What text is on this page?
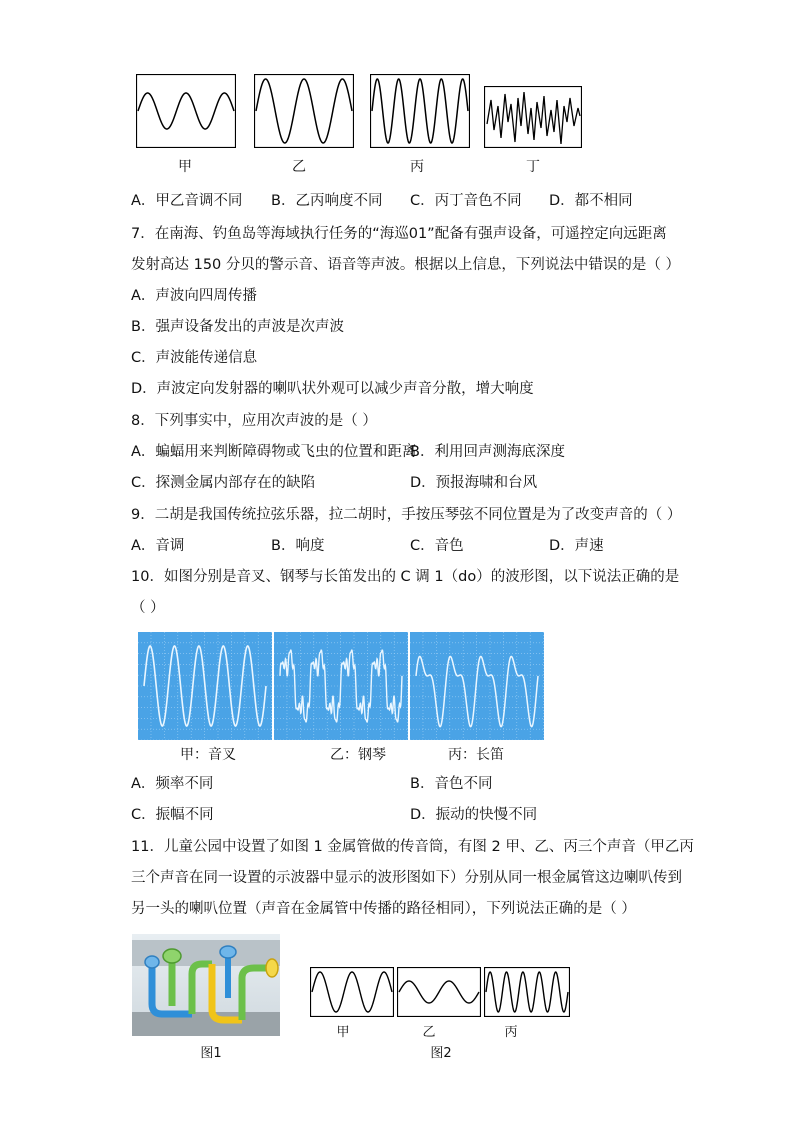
甲	乙	丙	丁
A．甲乙音调不同 B．乙丙响度不同 C．丙丁音色不同 D．都不相同
7．在南海、钓鱼岛等海域执行任务的“海巡01”配备有强声设备，可遥控定向远距离
发射高达 150 分贝的警示音、语音等声波。根据以上信息，下列说法中错误的是（ ）
A．声波向四周传播
B．强声设备发出的声波是次声波
C．声波能传递信息
D．声波定向发射器的喇叭状外观可以减少声音分散，增大响度
8．下列事实中，应用次声波的是（ ）
A．蝙蝠用来判断障碍物或飞虫的位置和距离
B．利用回声测海底深度
C．探测金属内部存在的缺陷	D．预报海啸和台风
9．二胡是我国传统拉弦乐器，拉二胡时，手按压琴弦不同位置是为了改变声音的（ ）
A．音调	B．响度	C．音色	D．声速
10．如图分别是音叉、钢琴与长笛发出的 C 调 1（do）的波形图，以下说法正确的是
（ ）
甲：音叉	乙：钢琴	丙：长笛
A．频率不同	B．音色不同
C．振幅不同	D．振动的快慢不同
11．儿童公园中设置了如图 1 金属管做的传音筒，有图 2 甲、乙、丙三个声音（甲乙丙
三个声音在同一设置的示波器中显示的波形图如下）分别从同一根金属管这边喇叭传到
另一头的喇叭位置（声音在金属管中传播的路径相同），下列说法正确的是（ ）
甲	乙	丙
图1	图2
